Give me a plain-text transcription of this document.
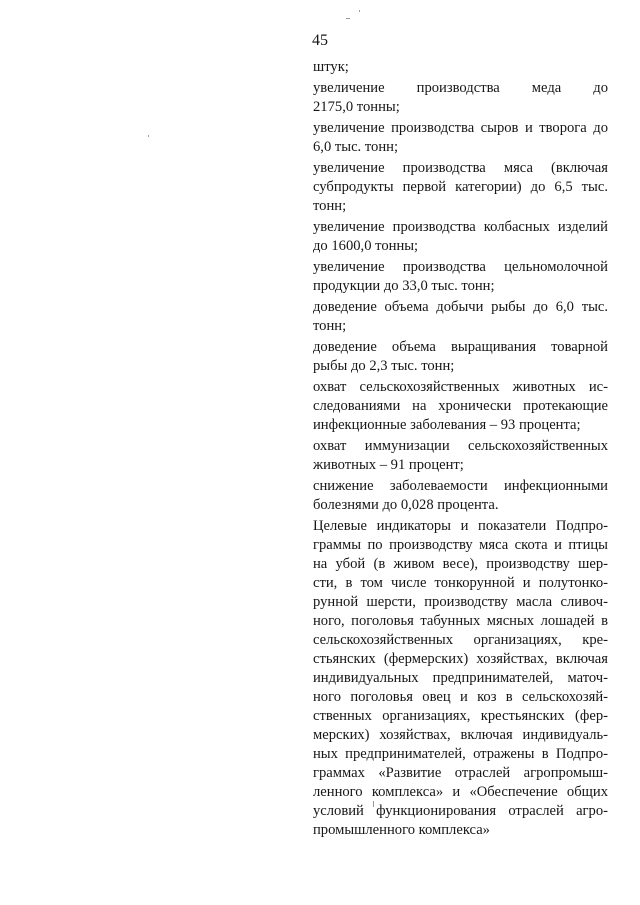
45
штук;
увеличение производства меда до
2175,0 тонны;
увеличение производства сыров и творога до
6,0 тыс. тонн;
увеличение производства мяса (включая
субпродукты первой категории) до 6,5 тыс.
тонн;
увеличение производства колбасных изделий
до 1600,0 тонны;
увеличение производства цельномолочной
продукции до 33,0 тыс. тонн;
доведение объема добычи рыбы до 6,0 тыс.
тонн;
доведение объема выращивания товарной
рыбы до 2,3 тыс. тонн;
охват сельскохозяйственных животных ис-
следованиями на хронически протекающие
инфекционные заболевания – 93 процента;
охват иммунизации сельскохозяйственных
животных – 91 процент;
снижение заболеваемости инфекционными
болезнями до 0,028 процента.
Целевые индикаторы и показатели Подпро-
граммы по производству мяса скота и птицы
на убой (в живом весе), производству шер-
сти, в том числе тонкорунной и полутонко-
рунной шерсти, производству масла сливоч-
ного, поголовья табунных мясных лошадей в
сельскохозяйственных организациях, кре-
стьянских (фермерских) хозяйствах, включая
индивидуальных предпринимателей, маточ-
ного поголовья овец и коз в сельскохозяй-
ственных организациях, крестьянских (фер-
мерских) хозяйствах, включая индивидуаль-
ных предпринимателей, отражены в Подпро-
граммах «Развитие отраслей агропромыш-
ленного комплекса» и «Обеспечение общих
условий функционирования отраслей агро-
промышленного комплекса»
